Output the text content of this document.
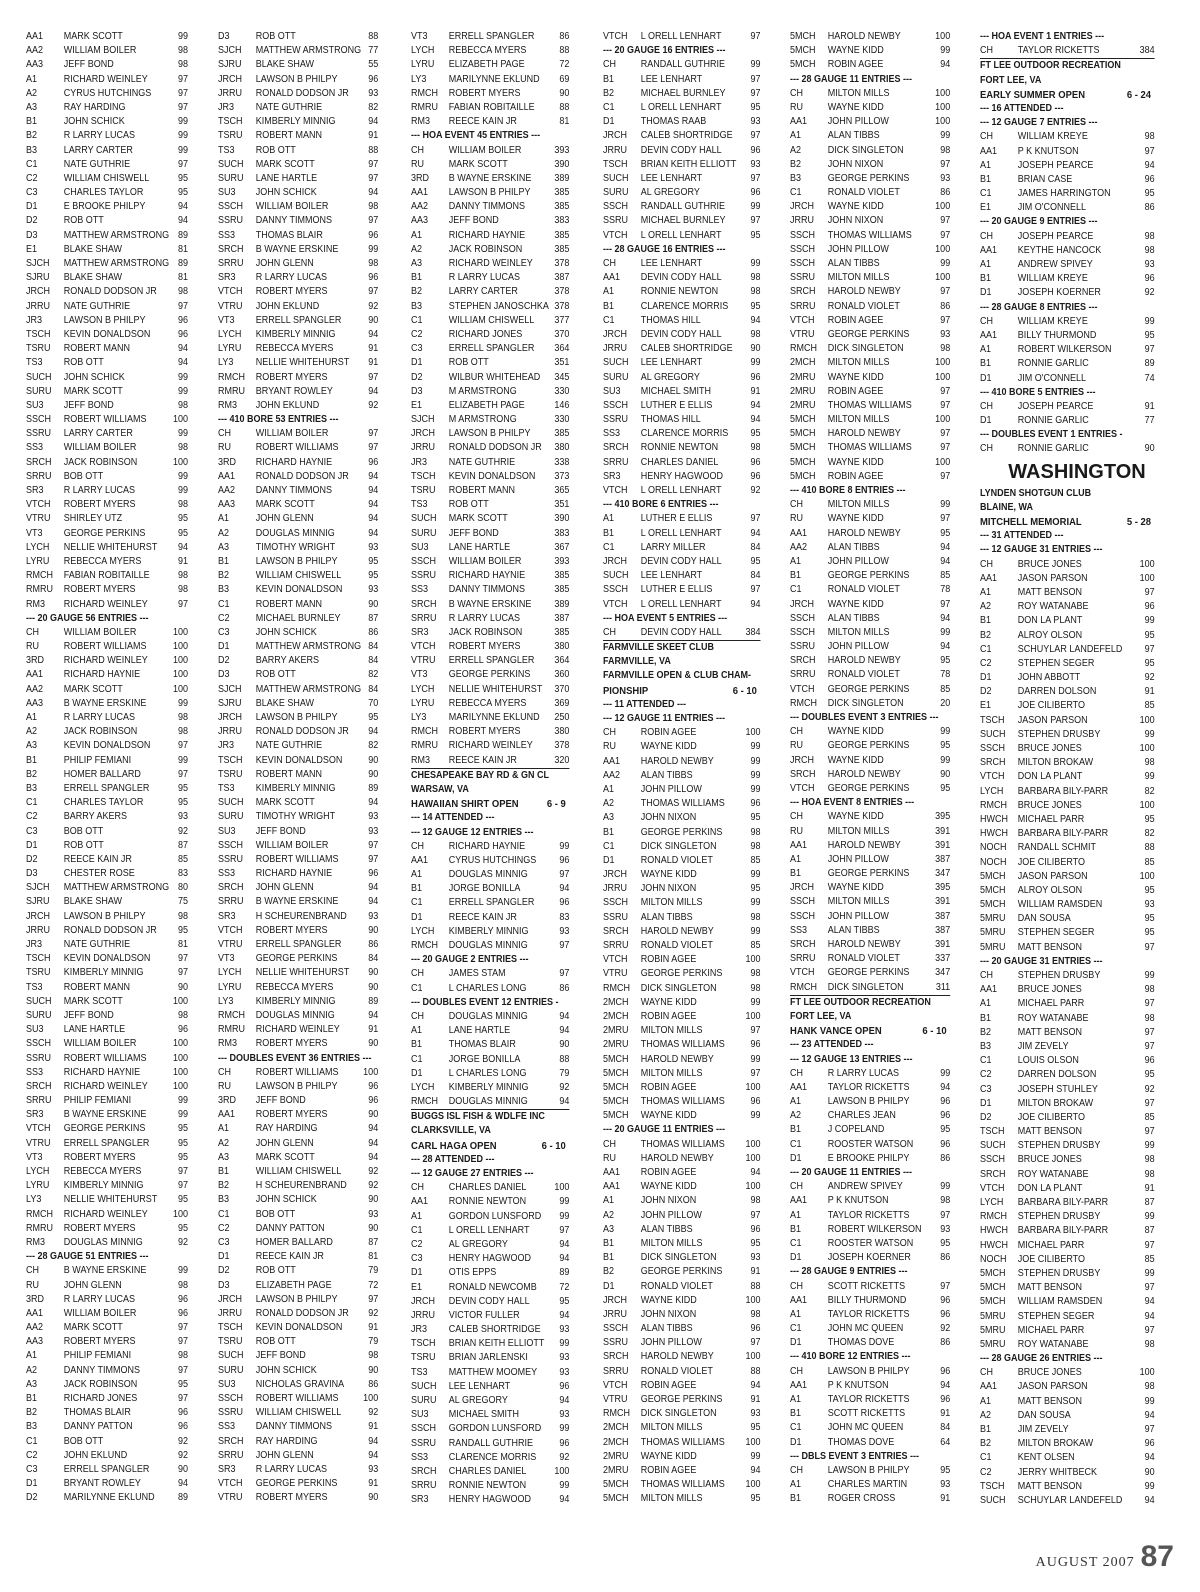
AA1 MARK SCOTT	99
AA2 WILLIAM BOILER	98
AA3 JEFF BOND	98
A1	RICHARD WEINLEY	97
A2	CYRUS HUTCHINGS	97
A3	RAY HARDING	97
B1	JOHN SCHICK	99
B2	R LARRY LUCAS	99
B3	LARRY CARTER	99
C1	NATE GUTHRIE	97
C2	WILLIAM CHISWELL	95
C3	CHARLES TAYLOR	95
D1	E BROOKE PHILPY	94
D2	ROB OTT	94
D3	MATTHEW ARMSTRONG 89
E1	BLAKE SHAW	81
SJCH MATTHEW ARMSTRONG 89
SJRU BLAKE SHAW	81
JRCH RONALD DODSON JR 98
JRRU NATE GUTHRIE	97
JR3 LAWSON B PHILPY	96
TSCH KEVIN DONALDSON	96
TSRU ROBERT MANN	94
TS3 ROB OTT	94
SUCH JOHN SCHICK	99
SURU MARK SCOTT	99
SU3 JEFF BOND	98
SSCH ROBERT WILLIAMS	100
SSRU LARRY CARTER	99
SS3 WILLIAM BOILER	98
SRCH JACK ROBINSON	100
SRRU BOB OTT	99
SR3 R LARRY LUCAS	99
VTCH ROBERT MYERS	98
VTRU SHIRLEY UTZ	95
VT3 GEORGE PERKINS	95
LYCH NELLIE WHITEHURST 94
LYRU REBECCA MYERS	91
RMCH FABIAN ROBITAILLE	98
RMRU ROBERT MYERS	98
RM3 RICHARD WEINLEY	97
--- 20 GAUGE 56 ENTRIES ---
CH WILLIAM BOILER	100
RU ROBERT WILLIAMS	100
3RD RICHARD WEINLEY	100
AA1 RICHARD HAYNIE	100
AA2 MARK SCOTT	100
AA3 B WAYNE ERSKINE	99
A1	R LARRY LUCAS	98
A2	JACK ROBINSON	98
A3	KEVIN DONALDSON	97
B1	PHILIP FEMIANI	99
B2	HOMER BALLARD	97
B3	ERRELL SPANGLER	95
C1	CHARLES TAYLOR	95
C2	BARRY AKERS	93
C3	BOB OTT	92
D1	ROB OTT	87
D2	REECE KAIN JR	85
D3	CHESTER ROSE	83
SJCH MATTHEW ARMSTRONG 80
SJRU BLAKE SHAW	75
JRCH LAWSON B PHILPY	98
JRRU RONALD DODSON JR 95
JR3 NATE GUTHRIE	81
TSCH KEVIN DONALDSON	97
TSRU KIMBERLY MINNIG	97
TS3 ROBERT MANN	90
SUCH MARK SCOTT	100
SURU JEFF BOND	98
SU3 LANE HARTLE	96
SSCH WILLIAM BOILER	100
SSRU ROBERT WILLIAMS	100
SS3 RICHARD HAYNIE	100
SRCH RICHARD WEINLEY	100
SRRU PHILIP FEMIANI	99
SR3 B WAYNE ERSKINE	99
VTCH GEORGE PERKINS	95
VTRU ERRELL SPANGLER	95
VT3 ROBERT MYERS	95
LYCH REBECCA MYERS	97
LYRU KIMBERLY MINNIG	97
LY3 NELLIE WHITEHURST 95
RMCH RICHARD WEINLEY	100
RMRU ROBERT MYERS	95
RM3 DOUGLAS MINNIG	92
--- 28 GAUGE 51 ENTRIES ---
CH B WAYNE ERSKINE	99
RU JOHN GLENN	98
3RD R LARRY LUCAS	96
AA1 WILLIAM BOILER	96
AA2 MARK SCOTT	97
AA3 ROBERT MYERS	97
A1	PHILIP FEMIANI	98
A2	DANNY TIMMONS	97
A3	JACK ROBINSON	95
B1	RICHARD JONES	97
B2	THOMAS BLAIR	96
B3	DANNY PATTON	96
C1	BOB OTT	92
C2	JOHN EKLUND	92
C3	ERRELL SPANGLER	90
D1	BRYANT ROWLEY	94
D2	MARILYNNE EKLUND 89
D3	ROB OTT	88
SJCH MATTHEW ARMSTRONG 77
SJRU BLAKE SHAW	55
JRCH LAWSON B PHILPY	96
JRRU RONALD DODSON JR 93
JR3 NATE GUTHRIE	82
TSCH KIMBERLY MINNIG	94
TSRU ROBERT MANN	91
TS3 ROB OTT	88
SUCH MARK SCOTT	97
SURU LANE HARTLE	97
SU3 JOHN SCHICK	94
SSCH WILLIAM BOILER	98
SSRU DANNY TIMMONS	97
SS3 THOMAS BLAIR	96
SRCH B WAYNE ERSKINE	99
SRRU JOHN GLENN	98
SR3 R LARRY LUCAS	96
VTCH ROBERT MYERS	97
VTRU JOHN EKLUND	92
VT3 ERRELL SPANGLER	90
LYCH KIMBERLY MINNIG	94
LYRU REBECCA MYERS	91
LY3 NELLIE WHITEHURST 91
RMCH ROBERT MYERS	97
RMRU BRYANT ROWLEY	94
RM3 JOHN EKLUND	92
--- 410 BORE 53 ENTRIES ---
CH WILLIAM BOILER	97
RU ROBERT WILLIAMS	97
3RD RICHARD HAYNIE	96
AA1 RONALD DODSON JR 94
AA2 DANNY TIMMONS	94
AA3 MARK SCOTT	94
A1	JOHN GLENN	94
A2	DOUGLAS MINNIG	94
A3	TIMOTHY WRIGHT	93
B1	LAWSON B PHILPY	95
B2	WILLIAM CHISWELL	95
B3	KEVIN DONALDSON	93
C1	ROBERT MANN	90
C2	MICHAEL BURNLEY	87
C3	JOHN SCHICK	86
D1	MATTHEW ARMSTRONG 84
D2	BARRY AKERS	84
D3	ROB OTT	82
SJCH MATTHEW ARMSTRONG 84
SJRU BLAKE SHAW	70
JRCH LAWSON B PHILPY	95
JRRU RONALD DODSON JR 94
JR3 NATE GUTHRIE	82
TSCH KEVIN DONALDSON	90
TSRU ROBERT MANN	90
TS3 KIMBERLY MINNIG	89
SUCH MARK SCOTT	94
SURU TIMOTHY WRIGHT	93
SU3 JEFF BOND	93
SSCH WILLIAM BOILER	97
SSRU ROBERT WILLIAMS	97
SS3 RICHARD HAYNIE	96
SRCH JOHN GLENN	94
SRRU B WAYNE ERSKINE	94
SR3 H SCHEURENBRAND 93
VTCH ROBERT MYERS	90
VTRU ERRELL SPANGLER	86
VT3 GEORGE PERKINS	84
LYCH NELLIE WHITEHURST 90
LYRU REBECCA MYERS	90
LY3 KIMBERLY MINNIG	89
RMCH DOUGLAS MINNIG	94
RMRU RICHARD WEINLEY	91
RM3 ROBERT MYERS	90
--- DOUBLES EVENT 36 ENTRIES ---
CH ROBERT WILLIAMS 100
RU LAWSON B PHILPY	96
3RD JEFF BOND	96
AA1 ROBERT MYERS	90
A1	RAY HARDING	94
A2	JOHN GLENN	94
A3	MARK SCOTT	94
B1	WILLIAM CHISWELL	92
B2	H SCHEURENBRAND 92
B3	JOHN SCHICK	90
C1	BOB OTT	93
C2	DANNY PATTON	90
C3	HOMER BALLARD	87
D1	REECE KAIN JR	81
D2	ROB OTT	79
D3	ELIZABETH PAGE	72
JRCH LAWSON B PHILPY	97
JRRU RONALD DODSON JR 92
TSCH KEVIN DONALDSON	91
TSRU ROB OTT	79
SUCH JEFF BOND	98
SURU JOHN SCHICK	90
SU3 NICHOLAS GRAVINA 86
SSCH ROBERT WILLIAMS 100
SSRU WILLIAM CHISWELL	92
SS3 DANNY TIMMONS	91
SRCH RAY HARDING	94
SRRU JOHN GLENN	94
SR3 R LARRY LUCAS	93
VTCH GEORGE PERKINS	91
VTRU ROBERT MYERS	90
VT3 ERRELL SPANGLER	86
LYCH REBECCA MYERS	88
LYRU ELIZABETH PAGE	72
LY3 MARILYNNE EKLUND 69
RMCH ROBERT MYERS	90
RMRU FABIAN ROBITAILLE 88
RM3 REECE KAIN JR	81
--- HOA EVENT 45 ENTRIES ---
CH WILLIAM BOILER	393
RU MARK SCOTT	390
3RD B WAYNE ERSKINE 389
AA1 LAWSON B PHILPY 385
AA2 DANNY TIMMONS	385
AA3 JEFF BOND	383
A1	RICHARD HAYNIE	385
A2	JACK ROBINSON	385
A3	RICHARD WEINLEY 378
B1	R LARRY LUCAS	387
B2	LARRY CARTER	378
B3	STEPHEN JANOSCHKA 378
C1	WILLIAM CHISWELL 377
C2	RICHARD JONES	370
C3	ERRELL SPANGLER 364
D1	ROB OTT	351
D2	WILBUR WHITEHEAD 345
D3	M ARMSTRONG	330
E1	ELIZABETH PAGE	146
SJCH M ARMSTRONG	330
JRCH LAWSON B PHILPY 385
JRRU RONALD DODSON JR 380
JR3 NATE GUTHRIE	338
TSCH KEVIN DONALDSON 373
TSRU ROBERT MANN	365
TS3 ROB OTT	351
SUCH MARK SCOTT	390
SURU JEFF BOND	383
SU3 LANE HARTLE	367
SSCH WILLIAM BOILER	393
SSRU RICHARD HAYNIE	385
SS3 DANNY TIMMONS	385
SRCH B WAYNE ERSKINE 389
SRRU R LARRY LUCAS	387
SR3 JACK ROBINSON	385
VTCH ROBERT MYERS	380
VTRU ERRELL SPANGLER 364
VT3 GEORGE PERKINS 360
LYCH NELLIE WHITEHURST 370
LYRU REBECCA MYERS	369
LY3 MARILYNNE EKLUND 250
RMCH ROBERT MYERS	380
RMRU RICHARD WEINLEY 378
RM3 REECE KAIN JR	320
CHESAPEAKE BAY RD & GN CL
WARSAW, VA
HAWAIIAN SHIRT OPEN	6 - 9
--- 14 ATTENDED ---
--- 12 GAUGE 12 ENTRIES ---
CH RICHARD HAYNIE	99
AA1 CYRUS HUTCHINGS 96
A1	DOUGLAS MINNIG	97
B1	JORGE BONILLA	94
C1	ERRELL SPANGLER	96
D1	REECE KAIN JR	83
LYCH KIMBERLY MINNIG	93
RMCH DOUGLAS MINNIG	97
--- 20 GAUGE 2 ENTRIES ---
CH JAMES STAM	97
C1	L CHARLES LONG	86
--- DOUBLES EVENT 12 ENTRIES -
CH DOUGLAS MINNIG	94
A1	LANE HARTLE	94
B1	THOMAS BLAIR	90
C1	JORGE BONILLA	88
D1	L CHARLES LONG	79
LYCH KIMBERLY MINNIG	92
RMCH DOUGLAS MINNIG	94
BUGGS ISL FISH & WDLFE INC
CLARKSVILLE, VA
CARL HAGA OPEN	6 - 10
--- 28 ATTENDED ---
--- 12 GAUGE 27 ENTRIES ---
CH CHARLES DANIEL	100
AA1 RONNIE NEWTON	99
A1	GORDON LUNSFORD 99
C1	L ORELL LENHART	97
C2	AL GREGORY	94
C3	HENRY HAGWOOD	94
D1	OTIS EPPS	89
E1	RONALD NEWCOMB 72
JRCH DEVIN CODY HALL	95
JRRU VICTOR FULLER	94
JR3 CALEB SHORTRIDGE 93
TSCH BRIAN KEITH ELLIOTT 99
TSRU BRIAN JARLENSKI	93
TS3 MATTHEW MOOMEY 93
SUCH LEE LENHART	96
SURU AL GREGORY	94
SU3 MICHAEL SMITH	93
SSCH GORDON LUNSFORD 99
SSRU RANDALL GUTHRIE	96
SS3 CLARENCE MORRIS 92
SRCH CHARLES DANIEL	100
SRRU RONNIE NEWTON	99
SR3 HENRY HAGWOOD	94
VTCH L ORELL LENHART	97
--- 20 GAUGE 16 ENTRIES ---
CH RANDALL GUTHRIE	99
B1	LEE LENHART	97
B2	MICHAEL BURNLEY 97
C1	L ORELL LENHART	95
D1	THOMAS RAAB	93
JRCH CALEB SHORTRIDGE 97
JRRU DEVIN CODY HALL	96
TSCH BRIAN KEITH ELLIOTT 93
SUCH LEE LENHART	97
SURU AL GREGORY	96
SSCH RANDALL GUTHRIE	99
SSRU MICHAEL BURNLEY 97
VTCH L ORELL LENHART	95
--- 28 GAUGE 16 ENTRIES ---
CH LEE LENHART	99
AA1 DEVIN CODY HALL	98
A1	RONNIE NEWTON	98
B1	CLARENCE MORRIS 95
C1	THOMAS HILL	94
JRCH DEVIN CODY HALL	98
JRRU CALEB SHORTRIDGE 90
SUCH LEE LENHART	99
SURU AL GREGORY	96
SU3 MICHAEL SMITH	91
SSCH LUTHER E ELLIS	94
SSRU THOMAS HILL	94
SS3 CLARENCE MORRIS 95
SRCH RONNIE NEWTON	98
SRRU CHARLES DANIEL	96
SR3 HENRY HAGWOOD	96
VTCH L ORELL LENHART	92
--- 410 BORE 6 ENTRIES ---
A1	LUTHER E ELLIS	97
B1	L ORELL LENHART	94
C1	LARRY MILLER	84
JRCH DEVIN CODY HALL	95
SUCH LEE LENHART	84
SSCH LUTHER E ELLIS	97
VTCH L ORELL LENHART	94
--- HOA EVENT 5 ENTRIES ---
CH DEVIN CODY HALL 384
FARMVILLE SKEET CLUB
FARMVILLE, VA
FARMVILLE OPEN & CLUB CHAM-
PIONSHIP	6 - 10
--- 11 ATTENDED ---
--- 12 GAUGE 11 ENTRIES ---
CH ROBIN AGEE	100
RU WAYNE KIDD	99
AA1 HAROLD NEWBY	99
AA2 ALAN TIBBS	99
A1	JOHN PILLOW	99
A2	THOMAS WILLIAMS	96
A3	JOHN NIXON	95
B1	GEORGE PERKINS	98
C1	DICK SINGLETON	98
D1	RONALD VIOLET	85
JRCH WAYNE KIDD	99
JRRU JOHN NIXON	95
SSCH MILTON MILLS	99
SSRU ALAN TIBBS	98
SRCH HAROLD NEWBY	99
SRRU RONALD VIOLET	85
VTCH ROBIN AGEE	100
VTRU GEORGE PERKINS	98
RMCH DICK SINGLETON	98
2MCH WAYNE KIDD	99
2MCH ROBIN AGEE	100
2MRU MILTON MILLS	97
2MRU THOMAS WILLIAMS	96
5MCH HAROLD NEWBY	99
5MCH MILTON MILLS	97
5MCH ROBIN AGEE	100
5MCH THOMAS WILLIAMS	96
5MCH WAYNE KIDD	99
--- 20 GAUGE 11 ENTRIES ---
CH THOMAS WILLIAMS 100
RU HAROLD NEWBY	100
AA1 ROBIN AGEE	94
AA1 WAYNE KIDD	100
A1	JOHN NIXON	98
A2	JOHN PILLOW	97
A3	ALAN TIBBS	96
B1	MILTON MILLS	95
B1	DICK SINGLETON	93
B2	GEORGE PERKINS	91
D1	RONALD VIOLET	88
JRCH WAYNE KIDD	100
JRRU JOHN NIXON	98
SSCH ALAN TIBBS	96
SSRU JOHN PILLOW	97
SRCH HAROLD NEWBY	100
SRRU RONALD VIOLET	88
VTCH ROBIN AGEE	94
VTRU GEORGE PERKINS	91
RMCH DICK SINGLETON	93
2MCH MILTON MILLS	95
2MCH THOMAS WILLIAMS 100
2MRU WAYNE KIDD	99
2MRU ROBIN AGEE	94
5MCH THOMAS WILLIAMS 100
5MCH MILTON MILLS	95
5MCH HAROLD NEWBY	100
5MCH WAYNE KIDD	99
5MCH ROBIN AGEE	94
--- 28 GAUGE 11 ENTRIES ---
CH MILTON MILLS	100
RU WAYNE KIDD	100
AA1 JOHN PILLOW	100
A1	ALAN TIBBS	99
A2	DICK SINGLETON	98
B2	JOHN NIXON	97
B3	GEORGE PERKINS	93
C1	RONALD VIOLET	86
JRCH WAYNE KIDD	100
JRRU JOHN NIXON	97
SSCH THOMAS WILLIAMS	97
SSCH JOHN PILLOW	100
SSCH ALAN TIBBS	99
SSRU MILTON MILLS	100
SRCH HAROLD NEWBY	97
SRRU RONALD VIOLET	86
VTCH ROBIN AGEE	97
VTRU GEORGE PERKINS	93
RMCH DICK SINGLETON	98
2MCH MILTON MILLS	100
2MRU WAYNE KIDD	100
2MRU ROBIN AGEE	97
2MRU THOMAS WILLIAMS	97
5MCH MILTON MILLS	100
5MCH HAROLD NEWBY	97
5MCH THOMAS WILLIAMS	97
5MCH WAYNE KIDD	100
5MCH ROBIN AGEE	97
--- 410 BORE 8 ENTRIES ---
CH MILTON MILLS	99
RU WAYNE KIDD	97
AA1 HAROLD NEWBY	95
AA2 ALAN TIBBS	94
A1	JOHN PILLOW	94
B1	GEORGE PERKINS	85
C1	RONALD VIOLET	78
JRCH WAYNE KIDD	97
SSCH ALAN TIBBS	94
SSCH MILTON MILLS	99
SSRU JOHN PILLOW	94
SRCH HAROLD NEWBY	95
SRRU RONALD VIOLET	78
VTCH GEORGE PERKINS	85
RMCH DICK SINGLETON	20
--- DOUBLES EVENT 3 ENTRIES ---
CH WAYNE KIDD	99
RU GEORGE PERKINS	95
JRCH WAYNE KIDD	99
SRCH HAROLD NEWBY	90
VTCH GEORGE PERKINS	95
--- HOA EVENT 8 ENTRIES ---
CH WAYNE KIDD	395
RU MILTON MILLS	391
AA1 HAROLD NEWBY	391
A1	JOHN PILLOW	387
B1	GEORGE PERKINS	347
JRCH WAYNE KIDD	395
SSCH MILTON MILLS	391
SSCH JOHN PILLOW	387
SS3 ALAN TIBBS	387
SRCH HAROLD NEWBY	391
SRRU RONALD VIOLET	337
VTCH GEORGE PERKINS	347
RMCH DICK SINGLETON	311
FT LEE OUTDOOR RECREATION
FORT LEE, VA
HANK VANCE OPEN	6 - 10
--- 23 ATTENDED ---
--- 12 GAUGE 13 ENTRIES ---
CH R LARRY LUCAS	99
AA1 TAYLOR RICKETTS	94
A1	LAWSON B PHILPY	96
A2	CHARLES JEAN	96
B1	J COPELAND	95
C1	ROOSTER WATSON	96
D1	E BROOKE PHILPY	86
--- 20 GAUGE 11 ENTRIES ---
CH ANDREW SPIVEY	99
AA1 P K KNUTSON	98
A1	TAYLOR RICKETTS	97
B1	ROBERT WILKERSON 93
C1	ROOSTER WATSON	95
D1	JOSEPH KOERNER	86
--- 28 GAUGE 9 ENTRIES ---
CH SCOTT RICKETTS	97
AA1 BILLY THURMOND	96
A1	TAYLOR RICKETTS	96
C1	JOHN MC QUEEN	92
D1	THOMAS DOVE	86
--- 410 BORE 12 ENTRIES ---
CH LAWSON B PHILPY	96
AA1 P K KNUTSON	94
A1	TAYLOR RICKETTS	96
B1	SCOTT RICKETTS	91
C1	JOHN MC QUEEN	84
D1	THOMAS DOVE	64
--- DBLS EVENT 3 ENTRIES ---
CH LAWSON B PHILPY	95
A1	CHARLES MARTIN	93
B1	ROGER CROSS	91
--- HOA EVENT 1 ENTRIES ---
CH TAYLOR RICKETTS	384
FT LEE OUTDOOR RECREATION
FORT LEE, VA
EARLY SUMMER OPEN	6 - 24
--- 16 ATTENDED ---
--- 12 GAUGE 7 ENTRIES ---
CH WILLIAM KREYE	98
AA1 P K KNUTSON	97
A1	JOSEPH PEARCE	94
B1	BRIAN CASE	96
C1	JAMES HARRINGTON	95
E1	JIM O'CONNELL	86
--- 20 GAUGE 9 ENTRIES ---
CH JOSEPH PEARCE	98
AA1 KEYTHE HANCOCK	98
A1	ANDREW SPIVEY	93
B1	WILLIAM KREYE	96
D1	JOSEPH KOERNER	92
--- 28 GAUGE 8 ENTRIES ---
CH WILLIAM KREYE	99
AA1 BILLY THURMOND	95
A1	ROBERT WILKERSON	97
B1	RONNIE GARLIC	89
D1	JIM O'CONNELL	74
--- 410 BORE 5 ENTRIES ---
CH JOSEPH PEARCE	91
D1	RONNIE GARLIC	77
--- DOUBLES EVENT 1 ENTRIES -
CH RONNIE GARLIC	90
WASHINGTON
LYNDEN SHOTGUN CLUB
BLAINE, WA
MITCHELL MEMORIAL	5 - 28
--- 31 ATTENDED ---
--- 12 GAUGE 31 ENTRIES ---
CH BRUCE JONES	100
AA1 JASON PARSON	100
A1	MATT BENSON	97
A2	ROY WATANABE	96
B1	DON LA PLANT	99
B2	ALROY OLSON	95
C1	SCHUYLAR LANDEFELD 97
C2	STEPHEN SEGER	95
D1	JOHN ABBOTT	92
D2	DARREN DOLSON	91
E1	JOE CILIBERTO	85
TSCH JASON PARSON	100
SUCH STEPHEN DRUSBY	99
SSCH BRUCE JONES	100
SRCH MILTON BROKAW	98
VTCH DON LA PLANT	99
LYCH BARBARA BILY-PARR	82
RMCH BRUCE JONES	100
HWCH MICHAEL PARR	95
HWCH BARBARA BILY-PARR	82
NOCH RANDALL SCHMIT	88
NOCH JOE CILIBERTO	85
5MCH JASON PARSON	100
5MCH ALROY OLSON	95
5MCH WILLIAM RAMSDEN	93
5MRU DAN SOUSA	95
5MRU STEPHEN SEGER	95
5MRU MATT BENSON	97
--- 20 GAUGE 31 ENTRIES ---
CH STEPHEN DRUSBY	99
AA1 BRUCE JONES	98
A1	MICHAEL PARR	97
B1	ROY WATANABE	98
B2	MATT BENSON	97
B3	JIM ZEVELY	97
C1	LOUIS OLSON	96
C2	DARREN DOLSON	95
C3	JOSEPH STUHLEY	92
D1	MILTON BROKAW	97
D2	JOE CILIBERTO	85
TSCH MATT BENSON	97
SUCH STEPHEN DRUSBY	99
SSCH BRUCE JONES	98
SRCH ROY WATANABE	98
VTCH DON LA PLANT	91
LYCH BARBARA BILY-PARR	87
RMCH STEPHEN DRUSBY	99
HWCH BARBARA BILY-PARR	87
HWCH MICHAEL PARR	97
NOCH JOE CILIBERTO	85
5MCH STEPHEN DRUSBY	99
5MCH MATT BENSON	97
5MCH WILLIAM RAMSDEN	94
5MRU STEPHEN SEGER	94
5MRU MICHAEL PARR	97
5MRU ROY WATANABE	98
--- 28 GAUGE 26 ENTRIES ---
CH BRUCE JONES	100
AA1 JASON PARSON	98
A1	MATT BENSON	99
A2	DAN SOUSA	94
B1	JIM ZEVELY	97
B2	MILTON BROKAW	96
C1	KENT OLSEN	94
C2	JERRY WHITBECK	90
TSCH MATT BENSON	99
SUCH SCHUYLAR LANDEFELD 94
AUGUST 2007 87
